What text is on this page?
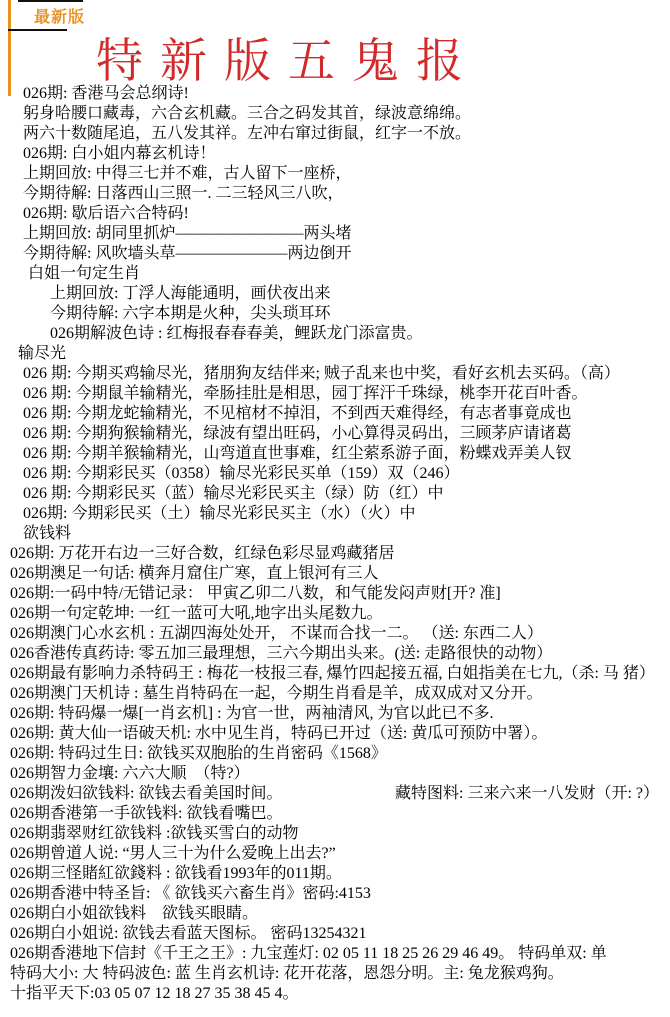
最新版
特新版五鬼报
026期: 香港马会总纲诗!
躬身哈腰口藏毒，六合玄机藏。三合之码发其首，绿波意绵绵。
两六十数随尾追，五八发其祥。左冲右窜过街鼠，红字一不放。
026期: 白小姐内幕玄机诗！
上期回放: 中得三七并不难，古人留下一座桥，
今期待解: 日落西山三照一. 二三轻风三八吹，
026期: 歇后语六合特码!
上期回放: 胡同里抓炉————————两头堵
今期待解: 风吹墙头草———————两边倒开
白姐一句定生肖
上期回放: 丁浮人海能通明，画伏夜出来
今期待解: 六字本期是火种，尖头琐耳环
026期解波色诗 : 红梅报春春春美，鲤跃龙门添富贵。
输尽光
026 期: 今期买鸡输尽光，猪朋狗友结伴来; 贼子乱来也中奖，看好玄机去买码。（高）
026 期: 今期鼠羊输精光，牵肠挂肚是相思，园丁挥汗千珠绿，桃李开花百叶香。
026 期: 今期龙蛇输精光，不见棺材不掉泪，不到西天难得经，有志者事竟成也
026 期: 今期狗猴输精光，绿波有望出旺码，小心算得灵码出，三顾茅庐请诸葛
026 期: 今期羊猴输精光，山弯道直世事难，红尘萦系游子面，粉蝶戏弄美人钗
026 期: 今期彩民买（0358）输尽光彩民买单（159）双（246）
026 期: 今期彩民买（蓝）输尽光彩民买主（绿）防（红）中
026期: 今期彩民买（土）输尽光彩民买主（水）（火）中
欲钱料
026期: 万花开右边一三好合数，红绿色彩尽显鸡藏猪居
026期澳足一句话: 横奔月窟住广寒，直上银河有三人
026期:一码中特/无错记录： 甲寅乙卯二八数，和气能发闷声财[开? 准]
026期一句定乾坤: 一红一蓝可大吼,地字出头尾数九。
026期澳门心水玄机 : 五湖四海处处开， 不谋而合找一二。 （送: 东西二人）
026香港传真药诗: 零五加三最理想，三六今期出头来。(送: 走路很快的动物）
026期最有影响力杀特码王 : 梅花一枝报三春, 爆竹四起接五福, 白姐指美在七九,（杀: 马 猪）
026期澳门天机诗 : 墓生肖特码在一起，今期生肖看是羊，成双成对又分开。
026期: 特码爆一爆[一肖玄机] : 为官一世，两袖清风, 为官以此已不多.
026期: 黄大仙一语破天机: 水中见生肖，特码已开过（送: 黄瓜可预防中署）。
026期: 特码过生日: 欲钱买双胞胎的生肖密码《1568》
026期智力金壤: 六六大顺　（特?）
026期泼妇欲钱料: 欲钱去看美国时间。	藏特图料: 三来六来一八发财（开: ?）
026期香港第一手欲钱料: 欲钱看嘴巴。
026期翡翠财红欲钱料 :欲钱买雪白的动物
026期曾道人说: “男人三十为什么爱晚上出去?”
026期三怪賭紅欲錢料 : 欲钱看1993年的011期。
026期香港中特圣旨: 《 欲钱买六畜生肖》密码:4153
026期白小姐欲钱料　欲钱买眼睛。
026期白小姐说: 欲钱去看蓝天图标。 密码13254321
026期香港地下信封《千王之王》: 九宝莲灯: 02 05 11 18 25 26 29 46 49。 特码单双: 单
特码大小: 大 特码波色: 蓝 生肖玄机诗: 花开花落，恩怨分明。主: 兔龙猴鸡狗。
十指平天下:03 05 07 12 18 27 35 38 45 4。
